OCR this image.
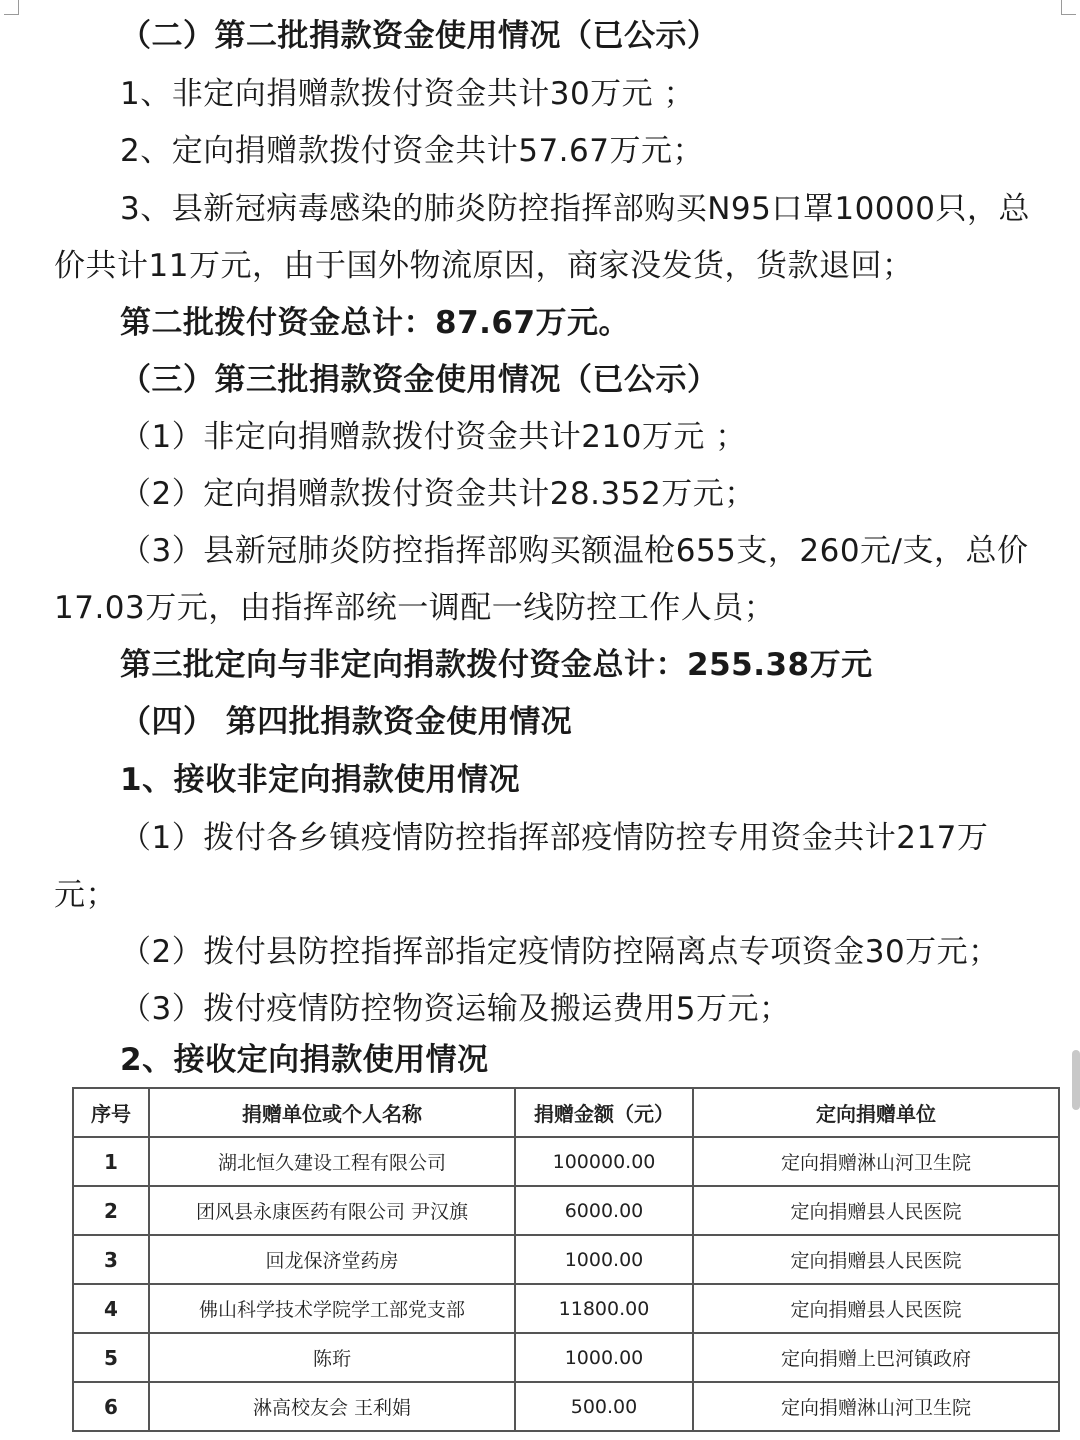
（二）第二批捐款资金使用情况（已公示）
1、非定向捐赠款拨付资金共计30万元 ；
2、定向捐赠款拨付资金共计57.67万元；
3、县新冠病毒感染的肺炎防控指挥部购买N95口罩10000只，总
价共计11万元，由于国外物流原因，商家没发货，货款退回；
第二批拨付资金总计：87.67万元。
（三）第三批捐款资金使用情况（已公示）
（1）非定向捐赠款拨付资金共计210万元 ；
（2）定向捐赠款拨付资金共计28.352万元；
（3）县新冠肺炎防控指挥部购买额温枪655支，260元/支，总价
17.03万元，由指挥部统一调配一线防控工作人员；
第三批定向与非定向捐款拨付资金总计：255.38万元
（四） 第四批捐款资金使用情况
1、接收非定向捐款使用情况
（1）拨付各乡镇疫情防控指挥部疫情防控专用资金共计217万
元；
（2）拨付县防控指挥部指定疫情防控隔离点专项资金30万元；
（3）拨付疫情防控物资运输及搬运费用5万元；
2、接收定向捐款使用情况
序号	捐赠单位或个人名称	捐赠金额（元）	定向捐赠单位
1	湖北恒久建设工程有限公司	100000.00	定向捐赠淋山河卫生院
2	团风县永康医药有限公司 尹汉旗	6000.00	定向捐赠县人民医院
3	回龙保济堂药房	1000.00	定向捐赠县人民医院
4	佛山科学技术学院学工部党支部	11800.00	定向捐赠县人民医院
5	陈珩	1000.00	定向捐赠上巴河镇政府
6	淋高校友会 王利娟	500.00	定向捐赠淋山河卫生院
